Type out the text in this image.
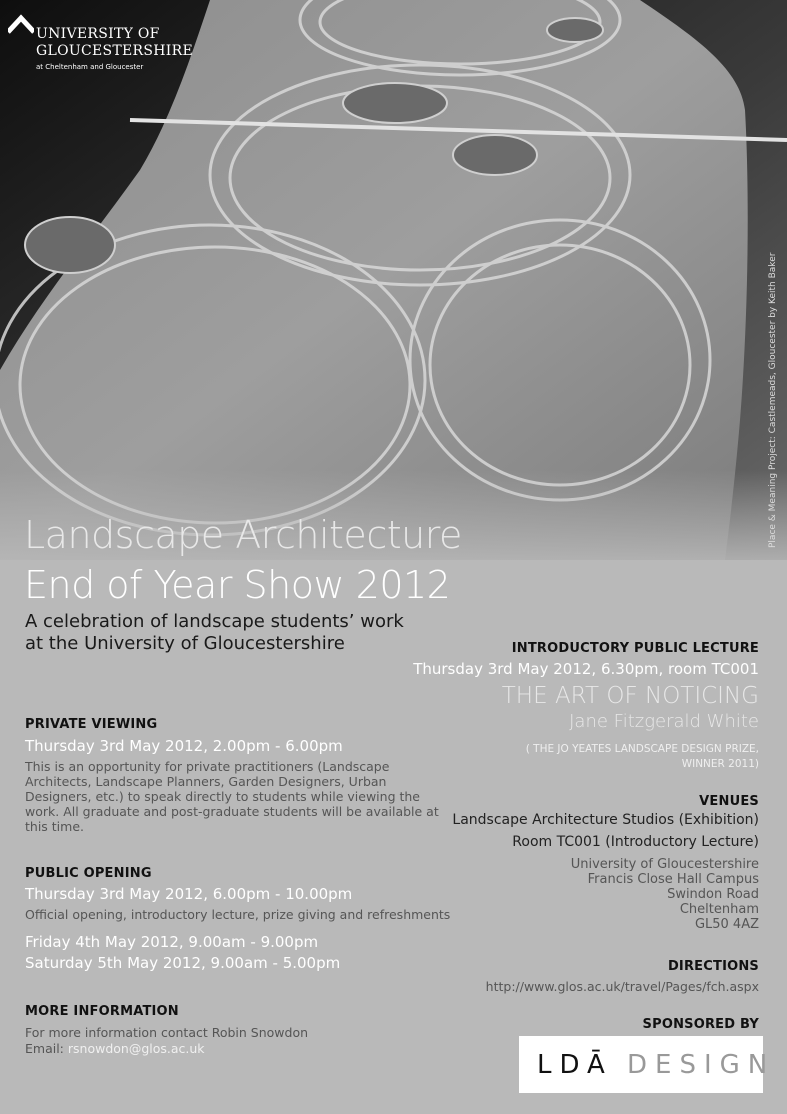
UNIVERSITY OF
GLOUCESTERSHIRE
at Cheltenham and Gloucester
Place & Meaning Project: Castlemeads, Gloucester by Keith Baker
Landscape Architecture
End of Year Show 2012
A celebration of landscape students’ work
at the University of Gloucestershire
PRIVATE VIEWING
Thursday 3rd May 2012, 2.00pm - 6.00pm
This is an opportunity for private practitioners (Landscape Architects, Landscape Planners, Garden Designers, Urban Designers, etc.) to speak directly to students while viewing the work. All graduate and post-graduate students will be available at this time.
PUBLIC OPENING
Thursday 3rd May 2012, 6.00pm - 10.00pm
Official opening, introductory lecture, prize giving and refreshments
Friday 4th May 2012, 9.00am - 9.00pm
Saturday 5th May 2012, 9.00am - 5.00pm
MORE INFORMATION
For more information contact Robin Snowdon
Email: rsnowdon@glos.ac.uk
INTRODUCTORY PUBLIC LECTURE
Thursday 3rd May 2012, 6.30pm, room TC001
THE ART OF NOTICING
Jane Fitzgerald White
( THE JO YEATES LANDSCAPE DESIGN PRIZE,
WINNER 2011)
VENUES
Landscape Architecture Studios (Exhibition)
Room TC001 (Introductory Lecture)
University of Gloucestershire
Francis Close Hall Campus
Swindon Road
Cheltenham
GL50 4AZ
DIRECTIONS
http://www.glos.ac.uk/travel/Pages/fch.aspx
SPONSORED BY
LDĀ DESIGN
